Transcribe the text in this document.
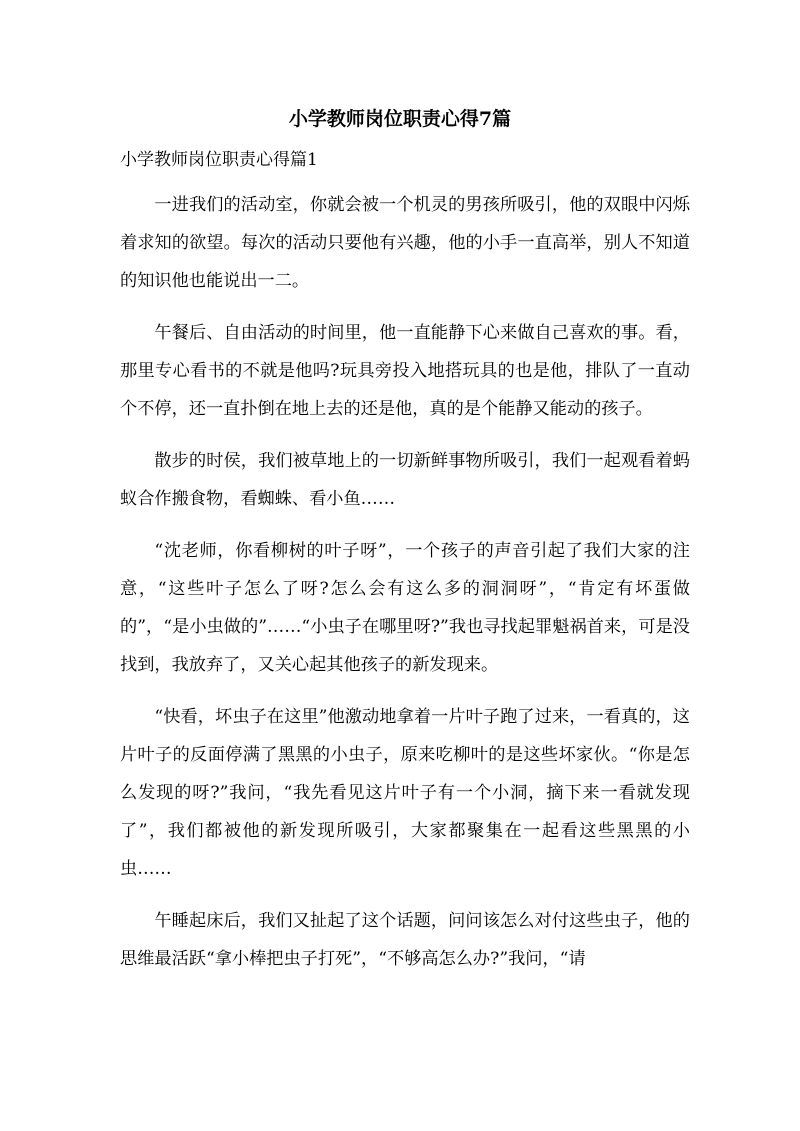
小学教师岗位职责心得7篇

小学教师岗位职责心得篇1

一进我们的活动室，你就会被一个机灵的男孩所吸引，他的双眼中闪烁着求知的欲望。每次的活动只要他有兴趣，他的小手一直高举，别人不知道的知识他也能说出一二。

午餐后、自由活动的时间里，他一直能静下心来做自己喜欢的事。看，那里专心看书的不就是他吗?玩具旁投入地搭玩具的也是他，排队了一直动个不停，还一直扑倒在地上去的还是他，真的是个能静又能动的孩子。

散步的时侯，我们被草地上的一切新鲜事物所吸引，我们一起观看着蚂蚁合作搬食物，看蜘蛛、看小鱼……

“沈老师，你看柳树的叶子呀”，一个孩子的声音引起了我们大家的注意，“这些叶子怎么了呀?怎么会有这么多的洞洞呀”，“肯定有坏蛋做的”，“是小虫做的”……“小虫子在哪里呀?”我也寻找起罪魁祸首来，可是没找到，我放弃了，又关心起其他孩子的新发现来。

“快看，坏虫子在这里”他激动地拿着一片叶子跑了过来，一看真的，这片叶子的反面停满了黑黑的小虫子，原来吃柳叶的是这些坏家伙。“你是怎么发现的呀?”我问，“我先看见这片叶子有一个小洞，摘下来一看就发现了”，我们都被他的新发现所吸引，大家都聚集在一起看这些黑黑的小虫……

午睡起床后，我们又扯起了这个话题，问问该怎么对付这些虫子，他的思维最活跃“拿小棒把虫子打死”，“不够高怎么办?”我问，“请
